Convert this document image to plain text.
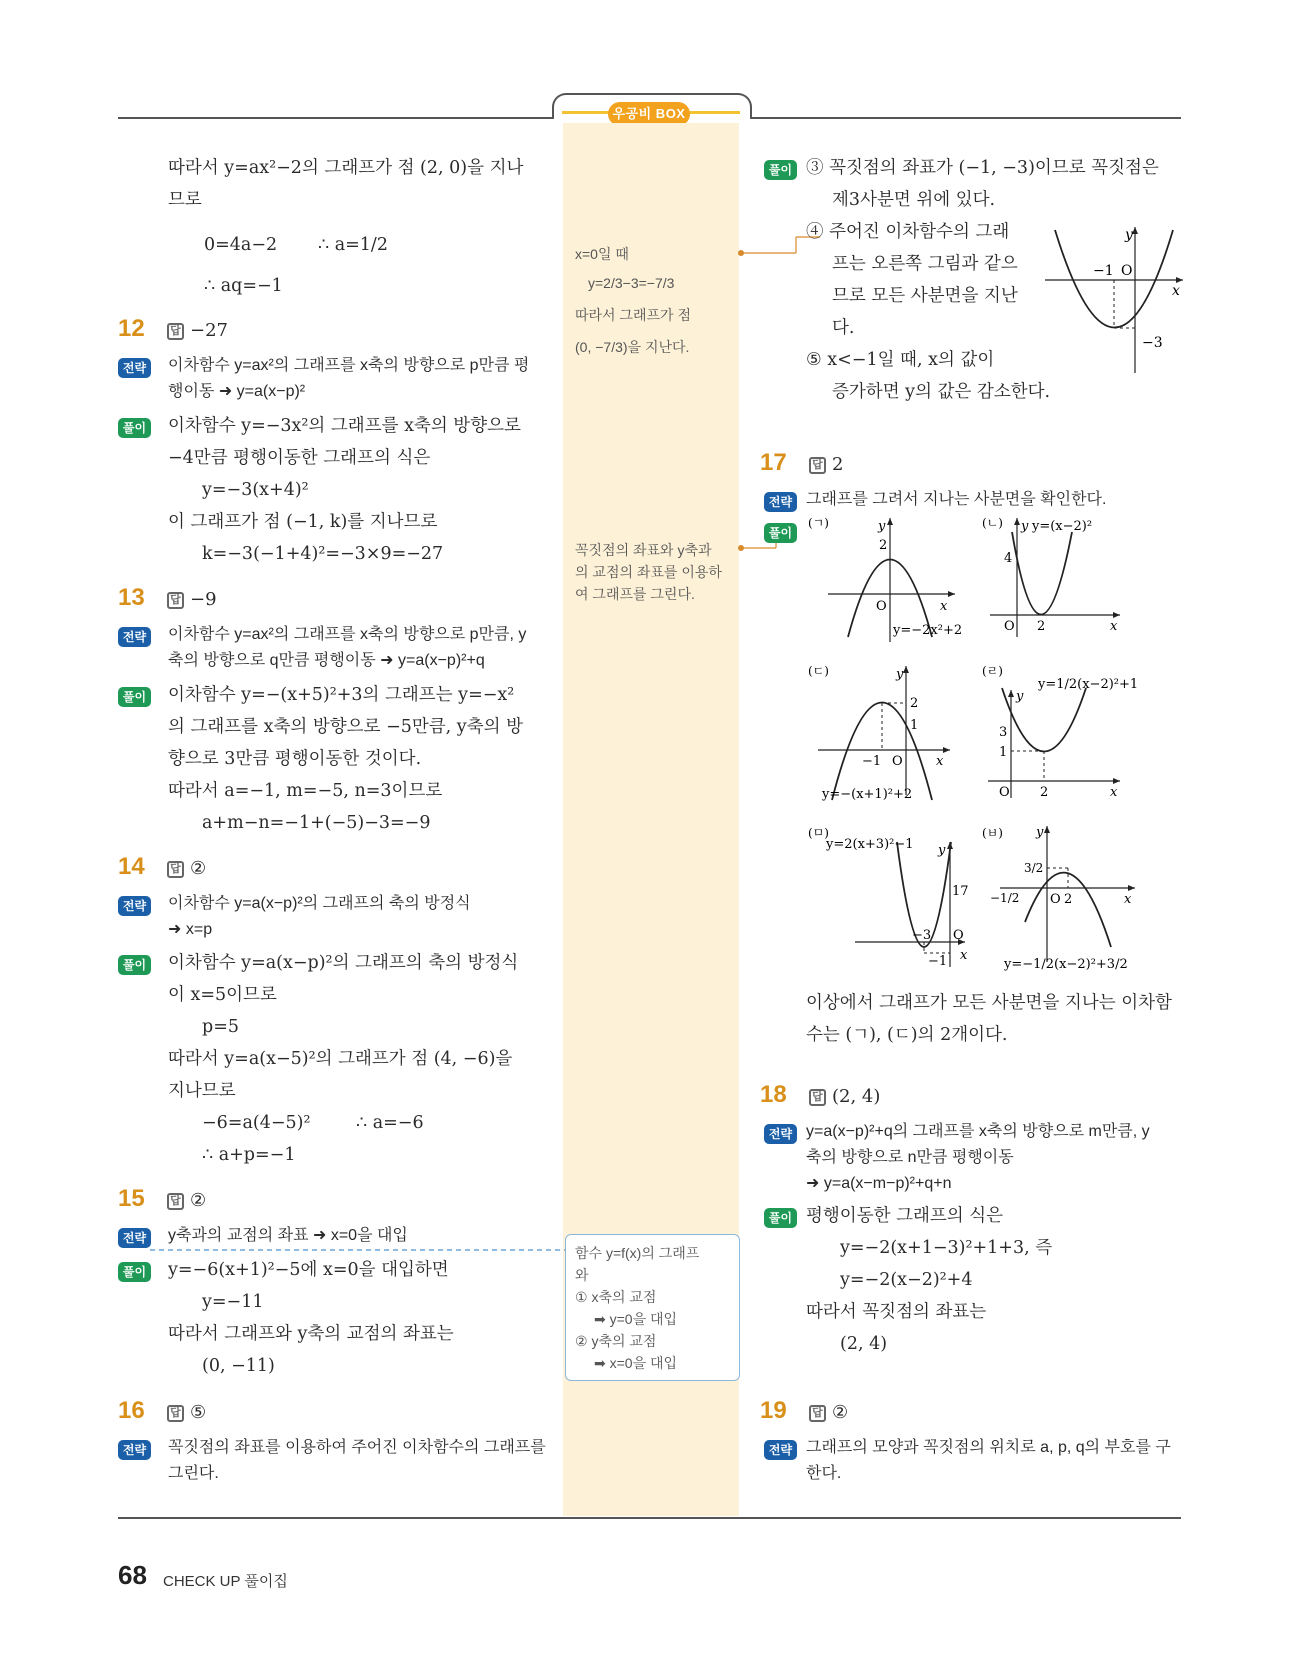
우공비 BOX
따라서 y=ax²−2의 그래프가 점 (2, 0)을 지나
므로
0=4a−2 ∴ a=1/2
∴ aq=−1
12 답 −27
전략	이차함수 y=ax²의 그래프를 x축의 방향으로 p만큼 평
행이동 ➜ y=a(x−p)²
풀이 이차함수 y=−3x²의 그래프를 x축의 방향으로
−4만큼 평행이동한 그래프의 식은
y=−3(x+4)²
이 그래프가 점 (−1, k)를 지나므로
k=−3(−1+4)²=−3×9=−27
13 답 −9
전략	이차함수 y=ax²의 그래프를 x축의 방향으로 p만큼, y
축의 방향으로 q만큼 평행이동 ➜ y=a(x−p)²+q
풀이 이차함수 y=−(x+5)²+3의 그래프는 y=−x²
의 그래프를 x축의 방향으로 −5만큼, y축의 방
향으로 3만큼 평행이동한 것이다.
따라서 a=−1, m=−5, n=3이므로
a+m−n=−1+(−5)−3=−9
14 답 ②
전략	이차함수 y=a(x−p)²의 그래프의 축의 방정식
➜ x=p
풀이 이차함수 y=a(x−p)²의 그래프의 축의 방정식
이 x=5이므로
p=5
따라서 y=a(x−5)²의 그래프가 점 (4, −6)을
지나므로
−6=a(4−5)²	∴ a=−6
∴ a+p=−1
15 답 ②
전략	y축과의 교점의 좌표 ➜ x=0을 대입
풀이 y=−6(x+1)²−5에 x=0을 대입하면
y=−11
따라서 그래프와 y축의 교점의 좌표는
(0, −11)
16 답 ⑤
전략	꼭짓점의 좌표를 이용하여 주어진 이차함수의 그래프를
그린다.
x=0일 때
y=2/3−3=−7/3
따라서 그래프가 점
(0, −7/3)을 지난다.
꼭짓점의 좌표와 y축과
의 교점의 좌표를 이용하
여 그래프를 그린다.
함수 y=f(x)의 그래프
와
① x축의 교점
➡ y=0을 대입
② y축의 교점
➡ x=0을 대입
풀이 ③ 꼭짓점의 좌표가 (−1, −3)이므로 꼭짓점은
제3사분면 위에 있다.
④ 주어진 이차함수의 그래
프는 오른쪽 그림과 같으
므로 모든 사분면을 지난
다.
⑤ x<−1일 때, x의 값이
증가하면 y의 값은 감소한다.
y
x
−1 O
−3
17 답 2
전략 그래프를 그려서 지나는 사분면을 확인한다.
풀이
(ㄱ)	y
2
O	x
y=−2x²+2
(ㄴ) y
4
O 2	x
y=(x−2)²
(ㄷ)	y
2
1
−1 O	x
y=−(x+1)²+2
(ㄹ)
y
3
1
O 2	x
y=1/2(x−2)²+1
(ㅁ)
y
17
−3 O
−1 x
y=2(x+3)²−1
(ㅂ)	y
3/2
−1/2 O 2	x
y=−1/2(x−2)²+3/2
이상에서 그래프가 모든 사분면을 지나는 이차함
수는 (ㄱ), (ㄷ)의 2개이다.
18 답 (2, 4)
전략 y=a(x−p)²+q의 그래프를 x축의 방향으로 m만큼, y
축의 방향으로 n만큼 평행이동
➜ y=a(x−m−p)²+q+n
풀이 평행이동한 그래프의 식은
y=−2(x+1−3)²+1+3, 즉
y=−2(x−2)²+4
따라서 꼭짓점의 좌표는
(2, 4)
19 답 ②
전략 그래프의 모양과 꼭짓점의 위치로 a, p, q의 부호를 구
한다.
68 CHECK UP 풀이집
